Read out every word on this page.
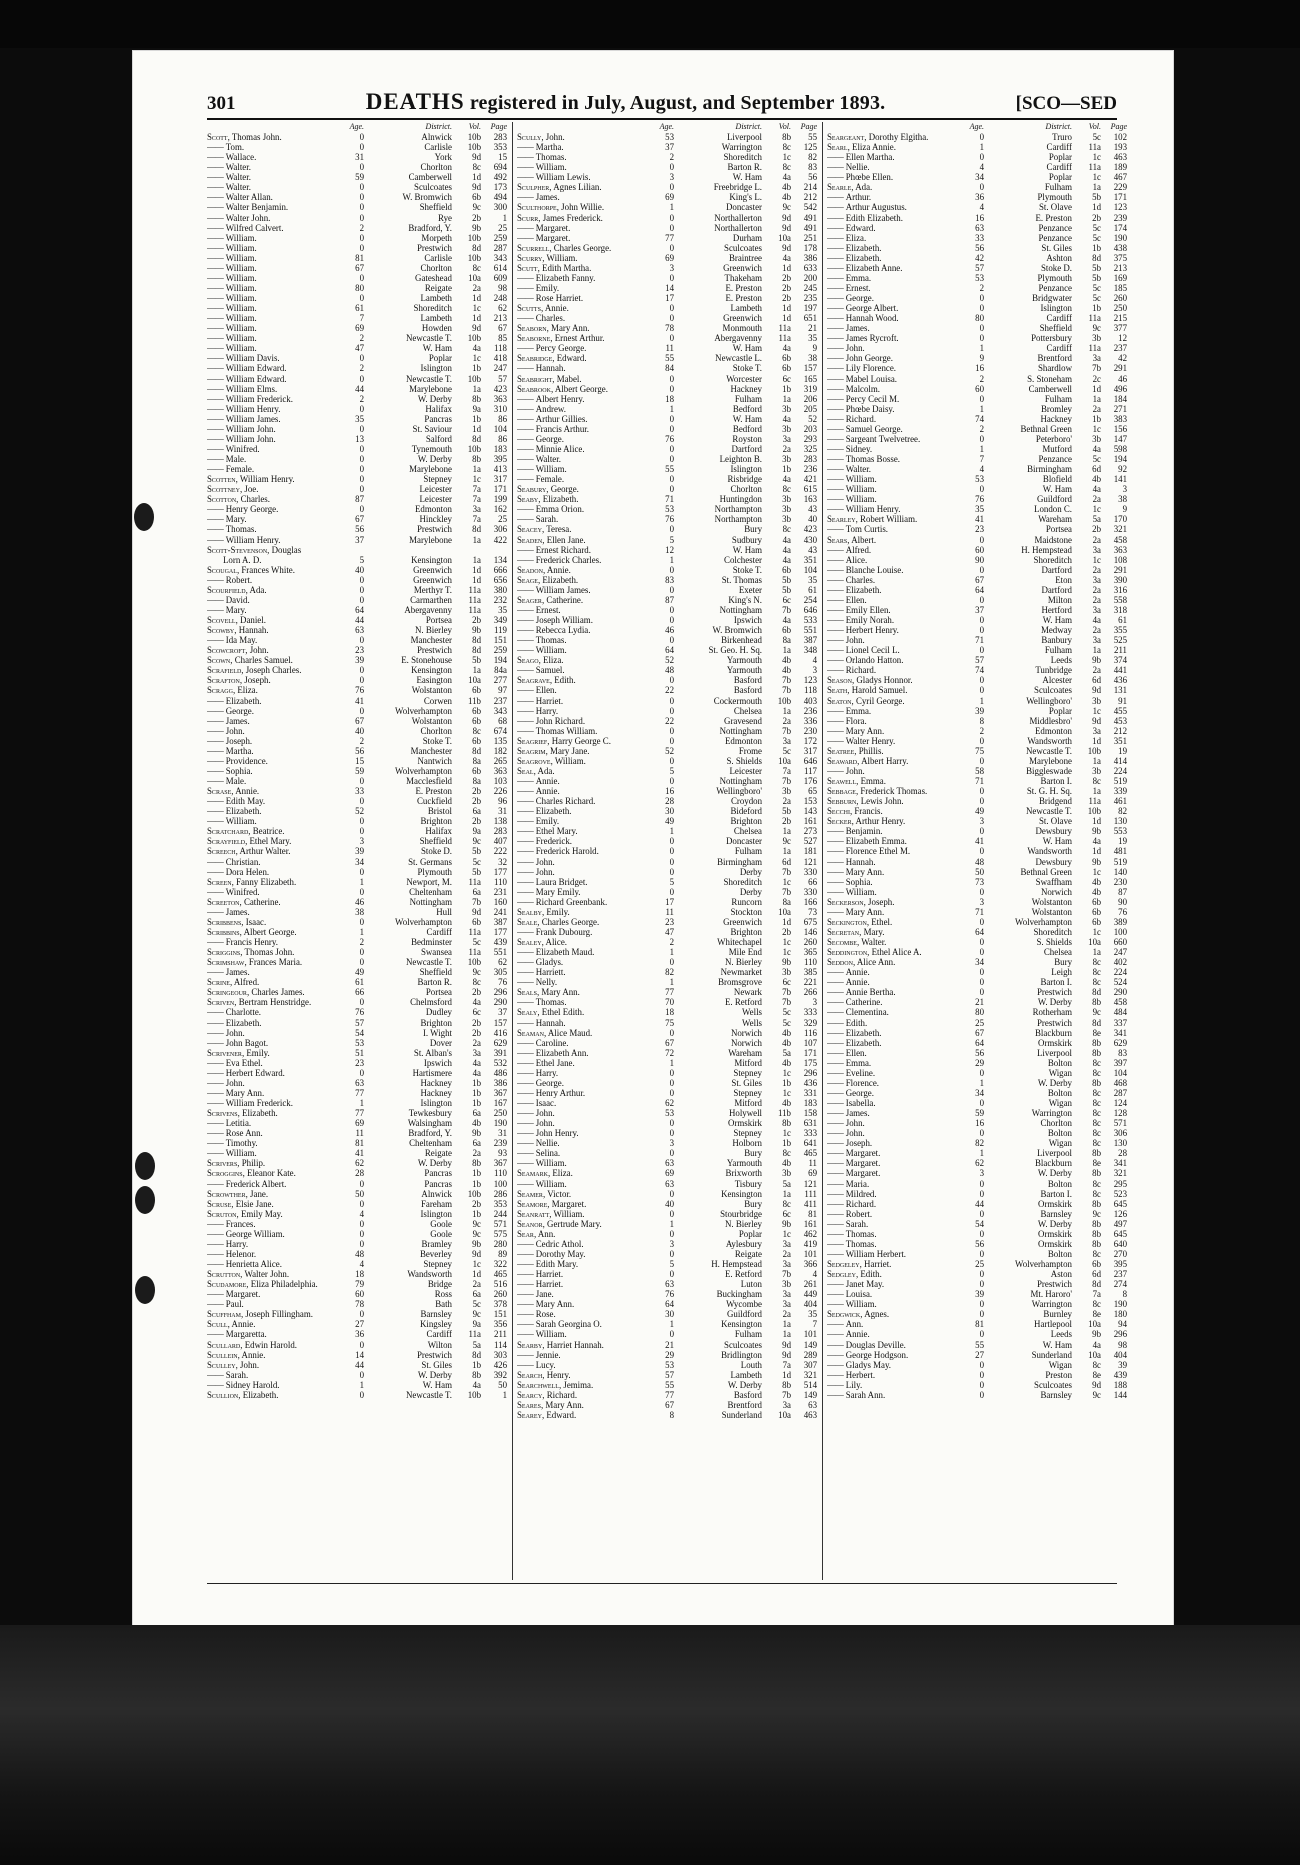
301	DEATHS registered in July, August, and September 1893.	[SCO—SED
Age.	District.	Vol.	Page
Scott, Thomas John.	0	Alnwick	10b	283
—— Tom.	0	Carlisle	10b	353
—— Wallace.	31	York	9d	15
—— Walter.	0	Chorlton	8c	694
—— Walter.	59	Camberwell	1d	492
—— Walter.	0	Sculcoates	9d	173
—— Walter Allan.	0	W. Bromwich	6b	494
—— Walter Benjamin.	0	Sheffield	9c	300
—— Walter John.	0	Rye	2b	1
—— Wilfred Calvert.	2	Bradford, Y.	9b	25
—— William.	0	Morpeth	10b	259
—— William.	0	Prestwich	8d	287
—— William.	81	Carlisle	10b	343
—— William.	67	Chorlton	8c	614
—— William.	0	Gateshead	10a	609
—— William.	80	Reigate	2a	98
—— William.	0	Lambeth	1d	248
—— William.	61	Shoreditch	1c	62
—— William.	7	Lambeth	1d	213
—— William.	69	Howden	9d	67
—— William.	2	Newcastle T.	10b	85
—— William.	47	W. Ham	4a	118
—— William Davis.	0	Poplar	1c	418
—— William Edward.	2	Islington	1b	247
—— William Edward.	0	Newcastle T.	10b	57
—— William Elms.	44	Marylebone	1a	423
—— William Frederick.	2	W. Derby	8b	363
—— William Henry.	0	Halifax	9a	310
—— William James.	35	Pancras	1b	86
—— William John.	0	St. Saviour	1d	104
—— William John.	13	Salford	8d	86
—— Winifred.	0	Tynemouth	10b	183
—— Male.	0	W. Derby	8b	395
—— Female.	0	Marylebone	1a	413
Scotten, William Henry.	0	Stepney	1c	317
Scottney, Joe.	0	Leicester	7a	171
Scotton, Charles.	87	Leicester	7a	199
—— Henry George.	0	Edmonton	3a	162
—— Mary.	67	Hinckley	7a	25
—— Thomas.	56	Prestwich	8d	306
—— William Henry.	37	Marylebone	1a	422
Scott-Stevenson, Douglas
Lorn A. D.	5	Kensington	1a	134
Scougal, Frances White.	40	Greenwich	1d	666
—— Robert.	0	Greenwich	1d	656
Scourfield, Ada.	0	Merthyr T.	11a	380
—— David.	0	Carmarthen	11a	232
—— Mary.	64	Abergavenny	11a	35
Scovell, Daniel.	44	Portsea	2b	349
Scowby, Hannah.	63	N. Bierley	9b	119
—— Ida May.	0	Manchester	8d	151
Scowcroft, John.	23	Prestwich	8d	259
Scown, Charles Samuel.	39	E. Stonehouse	5b	194
Scrafield, Joseph Charles.	0	Kensington	1a	84a
Scrafton, Joseph.	0	Easington	10a	277
Scragg, Eliza.	76	Wolstanton	6b	97
—— Elizabeth.	41	Corwen	11b	237
—— George.	0	Wolverhampton	6b	343
—— James.	67	Wolstanton	6b	68
—— John.	40	Chorlton	8c	674
—— Joseph.	2	Stoke T.	6b	135
—— Martha.	56	Manchester	8d	182
—— Providence.	15	Nantwich	8a	265
—— Sophia.	59	Wolverhampton	6b	363
—— Male.	0	Macclesfield	8a	103
Scrase, Annie.	33	E. Preston	2b	226
—— Edith May.	0	Cuckfield	2b	96
—— Elizabeth.	52	Bristol	6a	31
—— William.	0	Brighton	2b	138
Scratchard, Beatrice.	0	Halifax	9a	283
Scrayfield, Ethel Mary.	3	Sheffield	9c	407
Screech, Arthur Walter.	39	Stoke D.	5b	222
—— Christian.	34	St. Germans	5c	32
—— Dora Helen.	0	Plymouth	5b	177
Screen, Fanny Elizabeth.	1	Newport, M.	11a	110
—— Winifred.	0	Cheltenham	6a	231
Screeton, Catherine.	46	Nottingham	7b	160
—— James.	38	Hull	9d	241
Scribbens, Isaac.	0	Wolverhampton	6b	387
Scribbins, Albert George.	1	Cardiff	11a	177
—— Francis Henry.	2	Bedminster	5c	439
Scriggins, Thomas John.	0	Swansea	11a	551
Scrimshaw, Frances Maria.	0	Newcastle T.	10b	62
—— James.	49	Sheffield	9c	305
Scrine, Alfred.	61	Barton R.	8c	76
Scringeour, Charles James.	66	Portsea	2b	296
Scriven, Bertram Henstridge.	0	Chelmsford	4a	290
—— Charlotte.	76	Dudley	6c	37
—— Elizabeth.	57	Brighton	2b	157
—— John.	54	I. Wight	2b	416
—— John Bagot.	53	Dover	2a	629
Scrivener, Emily.	51	St. Alban's	3a	391
—— Eva Ethel.	23	Ipswich	4a	532
—— Herbert Edward.	0	Hartismere	4a	486
—— John.	63	Hackney	1b	386
—— Mary Ann.	77	Hackney	1b	367
—— William Frederick.	1	Islington	1b	167
Scrivens, Elizabeth.	77	Tewkesbury	6a	250
—— Letitia.	69	Walsingham	4b	190
—— Rose Ann.	11	Bradford, Y.	9b	31
—— Timothy.	81	Cheltenham	6a	239
—— William.	41	Reigate	2a	93
Scrivers, Philip.	62	W. Derby	8b	367
Scroggins, Eleanor Kate.	28	Pancras	1b	110
—— Frederick Albert.	0	Pancras	1b	100
Scrowther, Jane.	50	Alnwick	10b	286
Scruse, Elsie Jane.	0	Fareham	2b	353
Scruton, Emily May.	4	Islington	1b	244
—— Frances.	0	Goole	9c	571
—— George William.	0	Goole	9c	575
—— Harry.	0	Bramley	9b	280
—— Helenor.	48	Beverley	9d	89
—— Henrietta Alice.	4	Stepney	1c	322
Scrutton, Walter John.	18	Wandsworth	1d	465
Scudamore, Eliza Philadelphia.	79	Bridge	2a	516
—— Margaret.	60	Ross	6a	260
—— Paul.	78	Bath	5c	378
Scuffham, Joseph Fillingham.	0	Barnsley	9c	151
Scull, Annie.	27	Kingsley	9a	356
—— Margaretta.	36	Cardiff	11a	211
Scullard, Edwin Harold.	0	Wilton	5a	114
Scullein, Annie.	14	Prestwich	8d	303
Sculley, John.	44	St. Giles	1b	426
—— Sarah.	0	W. Derby	8b	392
—— Sidney Harold.	1	W. Ham	4a	50
Scullion, Elizabeth.	0	Newcastle T.	10b	1
Age.	District.	Vol.	Page
Scully, John.	53	Liverpool	8b	55
—— Martha.	37	Warrington	8c	125
—— Thomas.	2	Shoreditch	1c	82
—— William.	0	Barton R.	8c	83
—— William Lewis.	3	W. Ham	4a	56
Sculpher, Agnes Lilian.	0	Freebridge L.	4b	214
—— James.	69	King's L.	4b	212
Sculthorpe, John Willie.	1	Doncaster	9c	542
Scurr, James Frederick.	0	Northallerton	9d	491
—— Margaret.	0	Northallerton	9d	491
—— Margaret.	77	Durham	10a	251
Scurrell, Charles George.	0	Sculcoates	9d	178
Scurry, William.	69	Braintree	4a	386
Scutt, Edith Martha.	3	Greenwich	1d	633
—— Elizabeth Fanny.	0	Thakeham	2b	200
—— Emily.	14	E. Preston	2b	245
—— Rose Harriet.	17	E. Preston	2b	235
Scutts, Annie.	0	Lambeth	1d	197
—— Charles.	0	Greenwich	1d	651
Seaborn, Mary Ann.	78	Monmouth	11a	21
Seaborne, Ernest Arthur.	0	Abergavenny	11a	35
—— Percy George.	11	W. Ham	4a	9
Seabridge, Edward.	55	Newcastle L.	6b	38
—— Hannah.	84	Stoke T.	6b	157
Seabright, Mabel.	0	Worcester	6c	165
Seabrook, Albert George.	0	Hackney	1b	319
—— Albert Henry.	18	Fulham	1a	206
—— Andrew.	1	Bedford	3b	205
—— Arthur Gillies.	0	W. Ham	4a	52
—— Francis Arthur.	0	Bedford	3b	203
—— George.	76	Royston	3a	293
—— Minnie Alice.	0	Dartford	2a	325
—— Walter.	0	Leighton B.	3b	283
—— William.	55	Islington	1b	236
—— Female.	0	Risbridge	4a	421
Seabury, George.	0	Chorlton	8c	615
Seaby, Elizabeth.	71	Huntingdon	3b	163
—— Emma Orion.	53	Northampton	3b	43
—— Sarah.	76	Northampton	3b	40
Seacey, Teresa.	0	Bury	8c	423
Seaden, Ellen Jane.	5	Sudbury	4a	430
—— Ernest Richard.	12	W. Ham	4a	43
—— Frederick Charles.	1	Colchester	4a	351
Seadon, Annie.	0	Stoke T.	6b	104
Seage, Elizabeth.	83	St. Thomas	5b	35
—— William James.	0	Exeter	5b	61
Seager, Catherine.	87	King's N.	6c	254
—— Ernest.	0	Nottingham	7b	646
—— Joseph William.	0	Ipswich	4a	533
—— Rebecca Lydia.	46	W. Bromwich	6b	551
—— Thomas.	0	Birkenhead	8a	387
—— William.	64	St. Geo. H. Sq.	1a	348
Seago, Eliza.	52	Yarmouth	4b	4
—— Samuel.	48	Yarmouth	4b	3
Seagrave, Edith.	0	Basford	7b	123
—— Ellen.	22	Basford	7b	118
—— Harriet.	0	Cockermouth	10b	403
—— Harry.	0	Chelsea	1a	236
—— John Richard.	22	Gravesend	2a	336
—— Thomas William.	0	Nottingham	7b	230
Seagrief, Harry George C.	0	Edmonton	3a	172
Seagrim, Mary Jane.	52	Frome	5c	317
Seagrove, William.	0	S. Shields	10a	646
Seal, Ada.	5	Leicester	7a	117
—— Annie.	0	Nottingham	7b	176
—— Annie.	16	Wellingboro'	3b	65
—— Charles Richard.	28	Croydon	2a	153
—— Elizabeth.	30	Bideford	5b	143
—— Emily.	49	Brighton	2b	161
—— Ethel Mary.	1	Chelsea	1a	273
—— Frederick.	0	Doncaster	9c	527
—— Frederick Harold.	0	Fulham	1a	181
—— John.	0	Birmingham	6d	121
—— John.	0	Derby	7b	330
—— Laura Bridget.	5	Shoreditch	1c	66
—— Mary Emily.	0	Derby	7b	330
—— Richard Greenbank.	17	Runcorn	8a	166
Sealby, Emily.	11	Stockton	10a	73
Seale, Charles George.	23	Greenwich	1d	675
—— Frank Dubourg.	47	Brighton	2b	146
Sealey, Alice.	2	Whitechapel	1c	260
—— Elizabeth Maud.	1	Mile End	1c	365
—— Gladys.	0	N. Bierley	9b	110
—— Harriett.	82	Newmarket	3b	385
—— Nelly.	1	Bromsgrove	6c	221
Seals, Mary Ann.	77	Newark	7b	266
—— Thomas.	70	E. Retford	7b	3
Sealy, Ethel Edith.	18	Wells	5c	333
—— Hannah.	75	Wells	5c	329
Seaman, Alice Maud.	0	Norwich	4b	116
—— Caroline.	67	Norwich	4b	107
—— Elizabeth Ann.	72	Wareham	5a	171
—— Ethel Jane.	1	Mitford	4b	175
—— Harry.	0	Stepney	1c	296
—— George.	0	St. Giles	1b	436
—— Henry Arthur.	0	Stepney	1c	331
—— Isaac.	62	Mitford	4b	183
—— John.	53	Holywell	11b	158
—— John.	0	Ormskirk	8b	631
—— John Henry.	0	Stepney	1c	333
—— Nellie.	3	Holborn	1b	641
—— Selina.	0	Bury	8c	465
—— William.	63	Yarmouth	4b	11
Seamark, Eliza.	69	Brixworth	3b	69
—— William.	63	Tisbury	5a	121
Seamer, Victor.	0	Kensington	1a	111
Seamore, Margaret.	40	Bury	8c	411
Seanratt, William.	0	Stourbridge	6c	81
Seanor, Gertrude Mary.	1	N. Bierley	9b	161
Sear, Ann.	0	Poplar	1c	462
—— Cedric Athol.	3	Aylesbury	3a	419
—— Dorothy May.	0	Reigate	2a	101
—— Edith Mary.	5	H. Hempstead	3a	366
—— Harriet.	0	E. Retford	7b	4
—— Harriet.	63	Luton	3b	261
—— Jane.	76	Buckingham	3a	449
—— Mary Ann.	64	Wycombe	3a	404
—— Rose.	30	Guildford	2a	35
—— Sarah Georgina O.	1	Kensington	1a	7
—— William.	0	Fulham	1a	101
Searby, Harriet Hannah.	21	Sculcoates	9d	149
—— Jennie.	29	Bridlington	9d	289
—— Lucy.	53	Louth	7a	307
Search, Henry.	57	Lambeth	1d	321
Searchwell, Jemima.	55	W. Derby	8b	514
Searcy, Richard.	77	Basford	7b	149
Seares, Mary Ann.	67	Brentford	3a	63
Searey, Edward.	8	Sunderland	10a	463
Age.	District.	Vol.	Page
Seargeant, Dorothy Elgitha.	0	Truro	5c	102
Searl, Eliza Annie.	1	Cardiff	11a	193
—— Ellen Martha.	0	Poplar	1c	463
—— Nellie.	4	Cardiff	11a	189
—— Phœbe Ellen.	34	Poplar	1c	467
Searle, Ada.	0	Fulham	1a	229
—— Arthur.	36	Plymouth	5b	171
—— Arthur Augustus.	4	St. Olave	1d	123
—— Edith Elizabeth.	16	E. Preston	2b	239
—— Edward.	63	Penzance	5c	174
—— Eliza.	33	Penzance	5c	190
—— Elizabeth.	56	St. Giles	1b	438
—— Elizabeth.	42	Ashton	8d	375
—— Elizabeth Anne.	57	Stoke D.	5b	213
—— Emma.	53	Plymouth	5b	169
—— Ernest.	2	Penzance	5c	185
—— George.	0	Bridgwater	5c	260
—— George Albert.	0	Islington	1b	250
—— Hannah Wood.	80	Cardiff	11a	215
—— James.	0	Sheffield	9c	377
—— James Rycroft.	0	Pottersbury	3b	12
—— John.	1	Cardiff	11a	237
—— John George.	9	Brentford	3a	42
—— Lily Florence.	16	Shardlow	7b	291
—— Mabel Louisa.	2	S. Stoneham	2c	46
—— Malcolm.	60	Camberwell	1d	496
—— Percy Cecil M.	0	Fulham	1a	184
—— Phœbe Daisy.	1	Bromley	2a	271
—— Richard.	74	Hackney	1b	383
—— Samuel George.	2	Bethnal Green	1c	156
—— Sargeant Twelvetree.	0	Peterboro'	3b	147
—— Sidney.	1	Mutford	4a	598
—— Thomas Bosse.	7	Penzance	5c	194
—— Walter.	4	Birmingham	6d	92
—— William.	53	Blofield	4b	141
—— William.	0	W. Ham	4a	3
—— William.	76	Guildford	2a	38
—— William Henry.	35	London C.	1c	9
Searley, Robert William.	41	Wareham	5a	170
—— Tom Curtis.	23	Portsea	2b	321
Sears, Albert.	0	Maidstone	2a	458
—— Alfred.	60	H. Hempstead	3a	363
—— Alice.	90	Shoreditch	1c	108
—— Blanche Louise.	0	Dartford	2a	291
—— Charles.	67	Eton	3a	390
—— Elizabeth.	64	Dartford	2a	316
—— Ellen.	0	Milton	2a	558
—— Emily Ellen.	37	Hertford	3a	318
—— Emily Norah.	0	W. Ham	4a	61
—— Herbert Henry.	0	Medway	2a	355
—— John.	71	Banbury	3a	525
—— Lionel Cecil L.	0	Fulham	1a	211
—— Orlando Hatton.	57	Leeds	9b	374
—— Richard.	74	Tunbridge	2a	441
Season, Gladys Honnor.	0	Alcester	6d	436
Seath, Harold Samuel.	0	Sculcoates	9d	131
Seaton, Cyril George.	1	Wellingboro'	3b	91
—— Emma.	39	Poplar	1c	455
—— Flora.	8	Middlesbro'	9d	453
—— Mary Ann.	2	Edmonton	3a	212
—— Walter Henry.	0	Wandsworth	1d	351
Seatree, Phillis.	75	Newcastle T.	10b	19
Seaward, Albert Harry.	0	Marylebone	1a	414
—— John.	58	Biggleswade	3b	224
Seawell, Emma.	71	Barton I.	8c	519
Sebbage, Frederick Thomas.	0	St. G. H. Sq.	1a	339
Sebburn, Lewis John.	0	Bridgend	11a	461
Secchi, Francis.	49	Newcastle T.	10b	82
Secker, Arthur Henry.	3	St. Olave	1d	130
—— Benjamin.	0	Dewsbury	9b	553
—— Elizabeth Emma.	41	W. Ham	4a	19
—— Florence Ethel M.	0	Wandsworth	1d	481
—— Hannah.	48	Dewsbury	9b	519
—— Mary Ann.	50	Bethnal Green	1c	140
—— Sophia.	73	Swaffham	4b	230
—— William.	0	Norwich	4b	87
Seckerson, Joseph.	3	Wolstanton	6b	90
—— Mary Ann.	71	Wolstanton	6b	76
Seckington, Ethel.	0	Wolverhampton	6b	389
Secretan, Mary.	64	Shoreditch	1c	100
Secombe, Walter.	0	S. Shields	10a	660
Seddington, Ethel Alice A.	0	Chelsea	1a	247
Seddon, Alice Ann.	34	Bury	8c	402
—— Annie.	0	Leigh	8c	224
—— Annie.	0	Barton I.	8c	524
—— Annie Bertha.	0	Prestwich	8d	290
—— Catherine.	21	W. Derby	8b	458
—— Clementina.	80	Rotherham	9c	484
—— Edith.	25	Prestwich	8d	337
—— Elizabeth.	67	Blackburn	8e	341
—— Elizabeth.	64	Ormskirk	8b	629
—— Ellen.	56	Liverpool	8b	83
—— Emma.	29	Bolton	8c	397
—— Eveline.	0	Wigan	8c	104
—— Florence.	1	W. Derby	8b	468
—— George.	34	Bolton	8c	287
—— Isabella.	0	Wigan	8c	124
—— James.	59	Warrington	8c	128
—— John.	16	Chorlton	8c	571
—— John.	0	Bolton	8c	306
—— Joseph.	82	Wigan	8c	130
—— Margaret.	1	Liverpool	8b	28
—— Margaret.	62	Blackburn	8e	341
—— Margaret.	3	W. Derby	8b	321
—— Maria.	0	Bolton	8c	295
—— Mildred.	0	Barton I.	8c	523
—— Richard.	44	Ormskirk	8b	645
—— Robert.	0	Barnsley	9c	126
—— Sarah.	54	W. Derby	8b	497
—— Thomas.	0	Ormskirk	8b	645
—— Thomas.	56	Ormskirk	8b	640
—— William Herbert.	0	Bolton	8c	270
Sedgeley, Harriet.	25	Wolverhampton	6b	395
Sedgley, Edith.	0	Aston	6d	237
—— Janet May.	0	Prestwich	8d	274
—— Louisa.	39	Mt. Haroro'	7a	8
—— William.	0	Warrington	8c	190
Sedgwick, Agnes.	0	Burnley	8e	180
—— Ann.	81	Hartlepool	10a	94
—— Annie.	0	Leeds	9b	296
—— Douglas Deville.	55	W. Ham	4a	98
—— George Hodgson.	27	Sunderland	10a	404
—— Gladys May.	0	Wigan	8c	39
—— Herbert.	0	Preston	8e	439
—— Lily.	0	Sculcoates	9d	188
—— Sarah Ann.	0	Barnsley	9c	144
